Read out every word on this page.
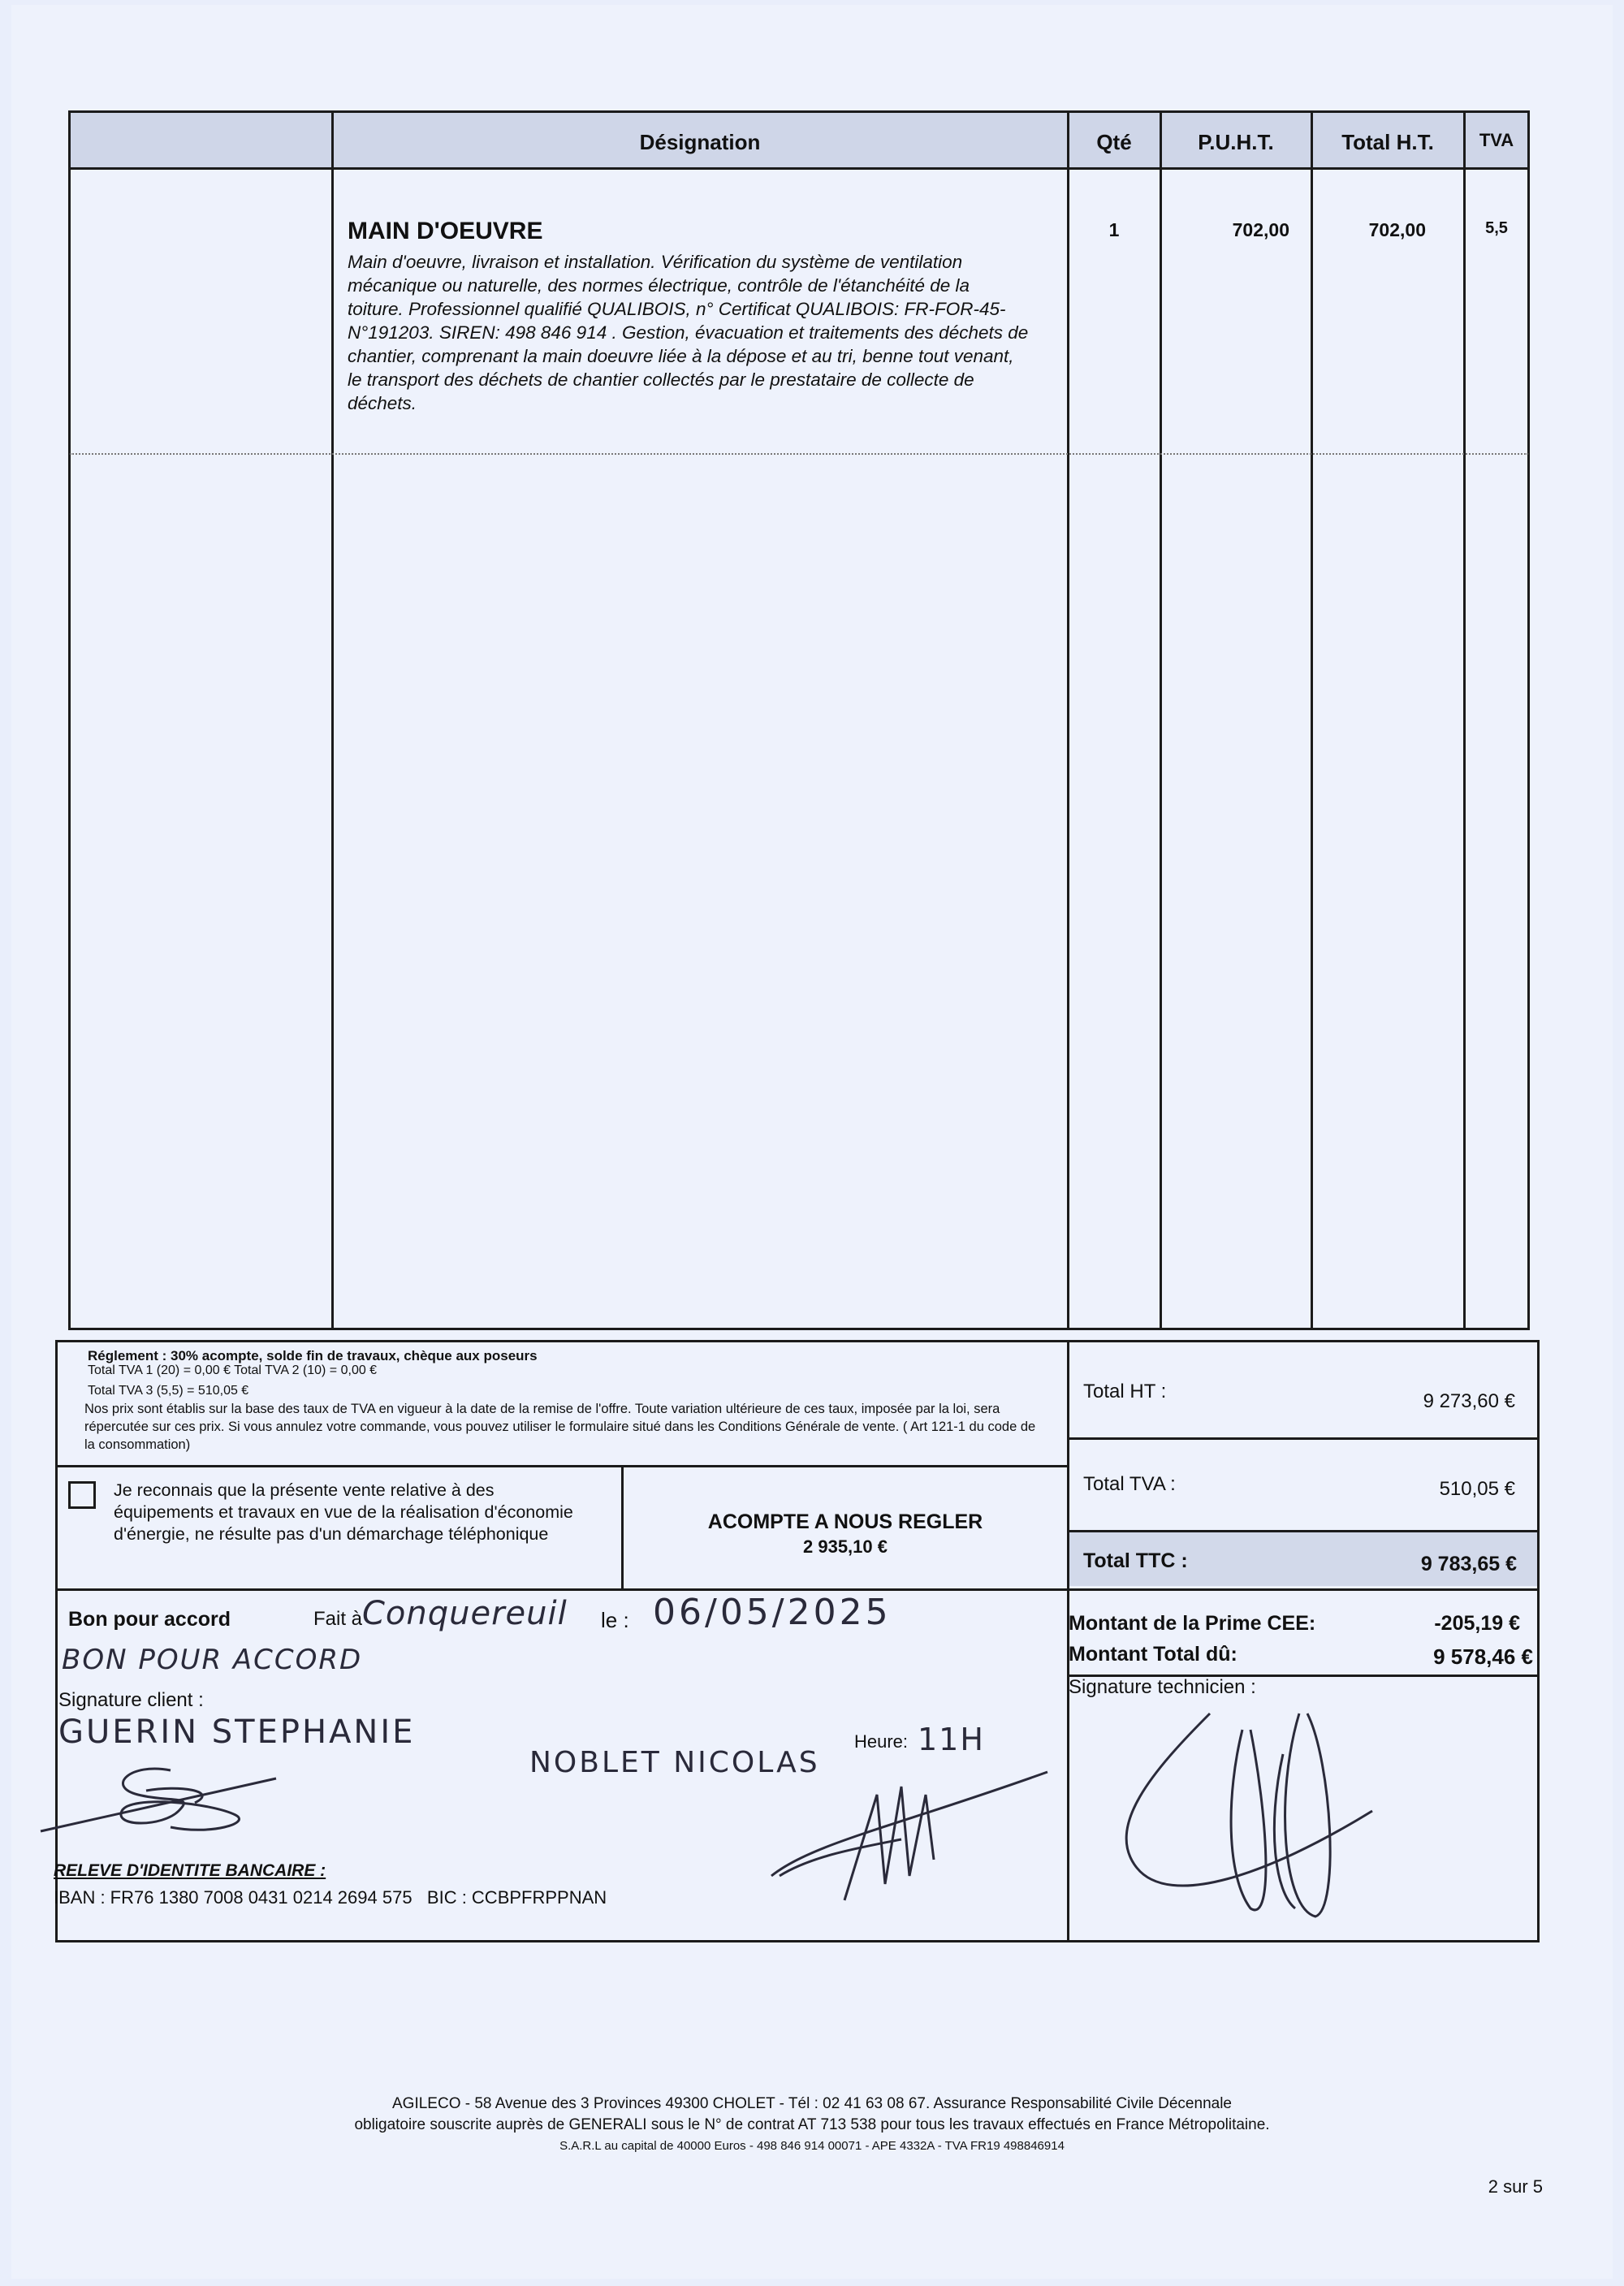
Désignation	Qté	P.U.H.T.	Total H.T.	TVA
MAIN D'OEUVRE
Main d'oeuvre, livraison et installation. Vérification du système de ventilation mécanique ou naturelle, des normes électrique, contrôle de l'étanchéité de la toiture. Professionnel qualifié QUALIBOIS, n° Certificat QUALIBOIS: FR-FOR-45-N°191203. SIREN: 498 846 914 . Gestion, évacuation et traitements des déchets de chantier, comprenant la main doeuvre liée à la dépose et au tri, benne tout venant, le transport des déchets de chantier collectés par le prestataire de collecte de déchets.
1	702,00	702,00	5,5
Réglement : 30% acompte, solde fin de travaux, chèque aux poseurs
Total TVA 1 (20) = 0,00 € Total TVA 2 (10) = 0,00 €
Total TVA 3 (5,5) = 510,05 €
Nos prix sont établis sur la base des taux de TVA en vigueur à la date de la remise de l'offre. Toute variation ultérieure de ces taux, imposée par la loi, sera répercutée sur ces prix. Si vous annulez votre commande, vous pouvez utiliser le formulaire situé dans les Conditions Générale de vente. ( Art 121-1 du code de la consommation)
Je reconnais que la présente vente relative à des équipements et travaux en vue de la réalisation d'économie d'énergie, ne résulte pas d'un démarchage téléphonique
ACOMPTE A NOUS REGLER
2 935,10 €
Total HT :	9 273,60 €
Total TVA :	510,05 €
Total TTC :	9 783,65 €
Montant de la Prime CEE:	-205,19 €
Montant Total dû:	9 578,46 €
Signature technicien :
Bon pour accord	Fait à Conquereuil le : 06/05/2025
BON POUR ACCORD
Signature client :
GUERIN STEPHANIE
NOBLET NICOLAS
Heure: 11H
RELEVE D'IDENTITE BANCAIRE :
IBAN : FR76 1380 7008 0431 0214 2694 575   BIC : CCBPFRPPNAN
AGILECO - 58 Avenue des 3 Provinces 49300 CHOLET - Tél : 02 41 63 08 67. Assurance Responsabilité Civile Décennale
obligatoire souscrite auprès de GENERALI sous le N° de contrat AT 713 538 pour tous les travaux effectués en France Métropolitaine.
S.A.R.L au capital de 40000 Euros - 498 846 914 00071 - APE 4332A - TVA FR19 498846914
2 sur 5
